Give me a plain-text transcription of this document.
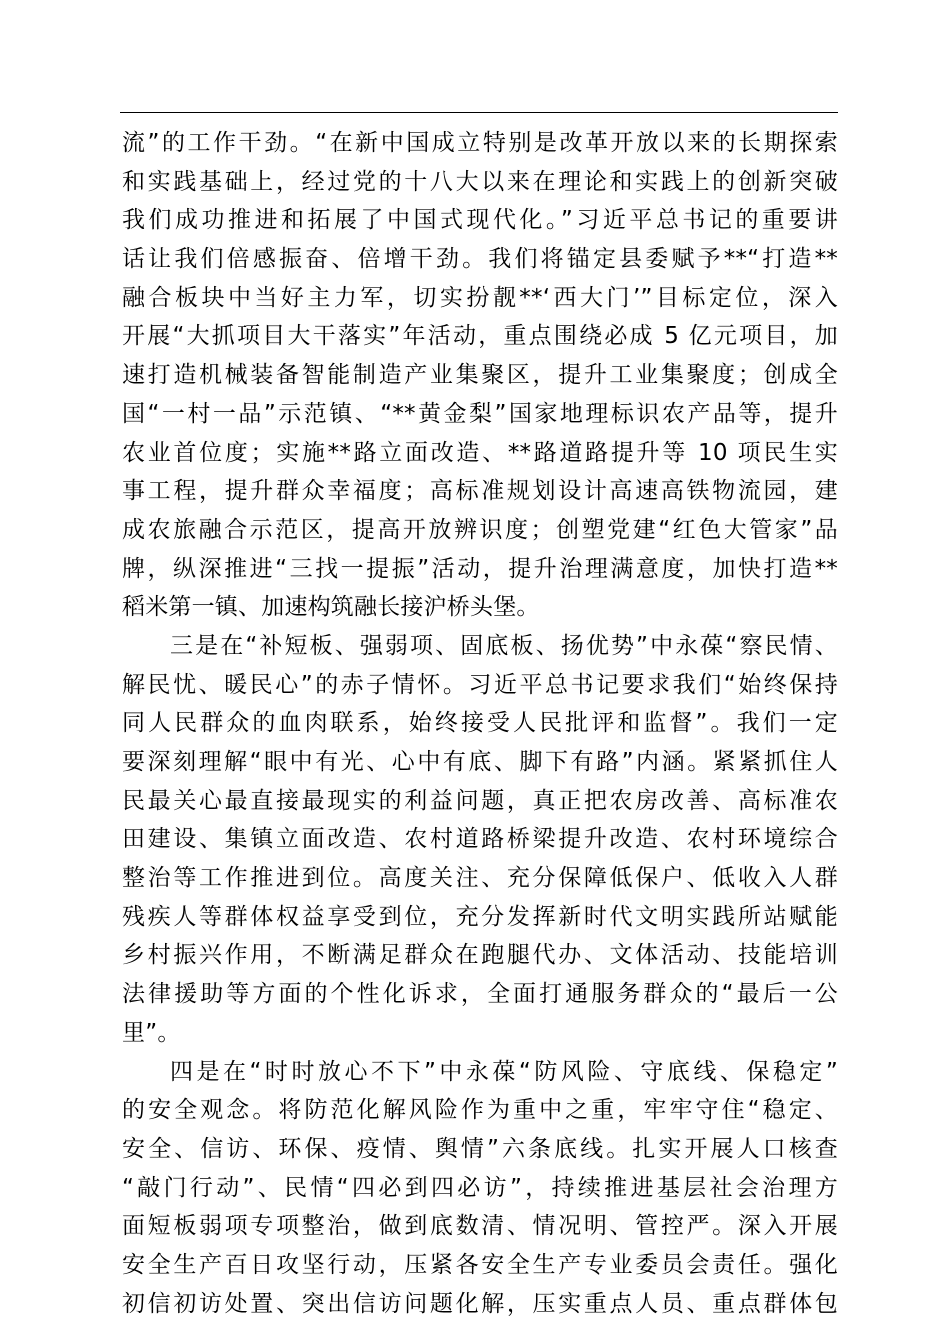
流”的工作干劲。“在新中国成立特别是改革开放以来的长期探索
和实践基础上，经过党的十八大以来在理论和实践上的创新突破
我们成功推进和拓展了中国式现代化。”习近平总书记的重要讲
话让我们倍感振奋、倍增干劲。我们将锚定县委赋予**“打造**
融合板块中当好主力军，切实扮靓**‘西大门’”目标定位，深入
开展“大抓项目大干落实”年活动，重点围绕必成 5 亿元项目，加
速打造机械装备智能制造产业集聚区，提升工业集聚度；创成全
国“一村一品”示范镇、“**黄金梨”国家地理标识农产品等，提升
农业首位度；实施**路立面改造、**路道路提升等 10 项民生实
事工程，提升群众幸福度；高标准规划设计高速高铁物流园，建
成农旅融合示范区，提高开放辨识度；创塑党建“红色大管家”品
牌，纵深推进“三找一提振”活动，提升治理满意度，加快打造**
稻米第一镇、加速构筑融长接沪桥头堡。
三是在“补短板、强弱项、固底板、扬优势”中永葆“察民情、
解民忧、暖民心”的赤子情怀。习近平总书记要求我们“始终保持
同人民群众的血肉联系，始终接受人民批评和监督”。我们一定
要深刻理解“眼中有光、心中有底、脚下有路”内涵。紧紧抓住人
民最关心最直接最现实的利益问题，真正把农房改善、高标准农
田建设、集镇立面改造、农村道路桥梁提升改造、农村环境综合
整治等工作推进到位。高度关注、充分保障低保户、低收入人群
残疾人等群体权益享受到位，充分发挥新时代文明实践所站赋能
乡村振兴作用，不断满足群众在跑腿代办、文体活动、技能培训
法律援助等方面的个性化诉求，全面打通服务群众的“最后一公
里”。
四是在“时时放心不下”中永葆“防风险、守底线、保稳定”
的安全观念。将防范化解风险作为重中之重，牢牢守住“稳定、
安全、信访、环保、疫情、舆情”六条底线。扎实开展人口核查
“敲门行动”、民情“四必到四必访”，持续推进基层社会治理方
面短板弱项专项整治，做到底数清、情况明、管控严。深入开展
安全生产百日攻坚行动，压紧各安全生产专业委员会责任。强化
初信初访处置、突出信访问题化解，压实重点人员、重点群体包
